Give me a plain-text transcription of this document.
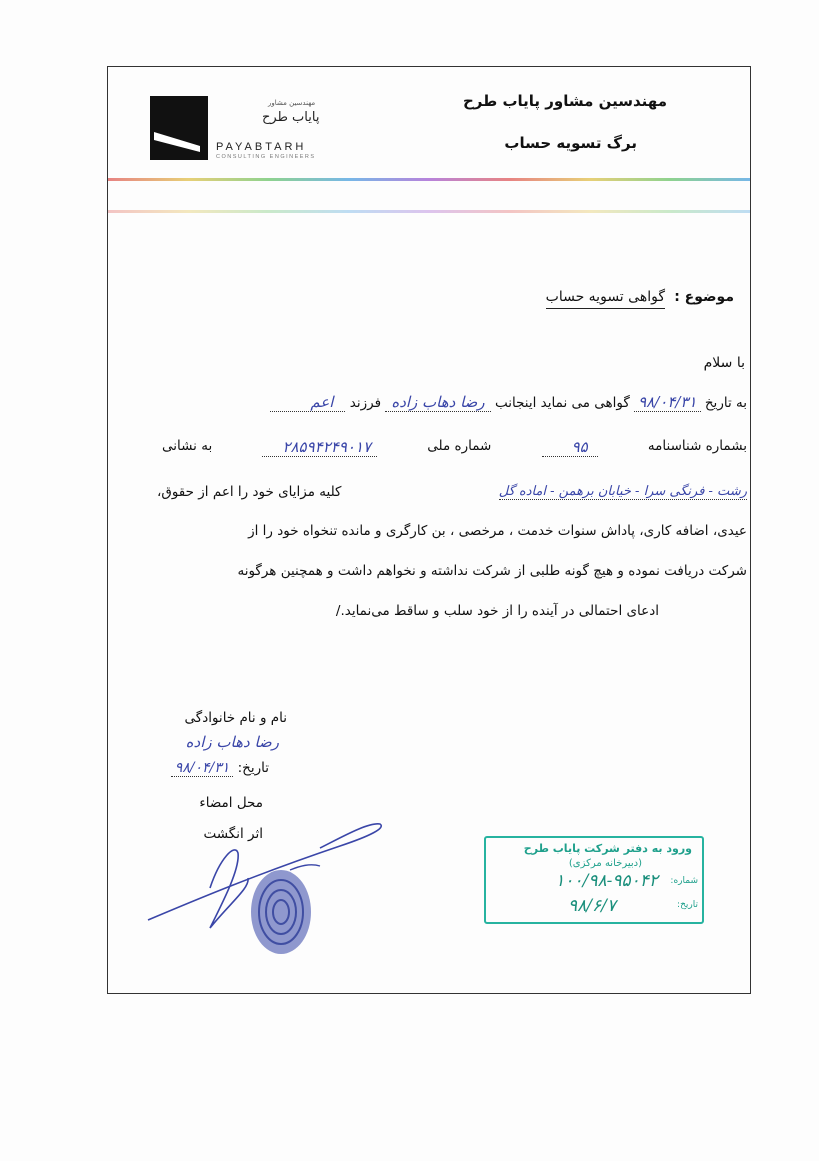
مهندسین مشاور پایاب طرح
برگ تسویه حساب
مهندسین مشاور
پایاب طرح
PAYABTARH
CONSULTING ENGINEERS
موضوع :
گواهی تسویه حساب
با سلام
به تاریخ ۹۸/۰۴/۳۱ گواهی می نماید اینجانب رضا دهاب زاده فرزند اعم
بشماره شناسنامه
۹۵
شماره ملی
۲۸۵۹۴۲۴۹۰۱۷
به نشانی
رشت - فرنگی سرا - خیابان برهمن - اماده گل
کلیه مزایای خود را اعم از حقوق،
عیدی، اضافه کاری، پاداش سنوات خدمت ، مرخصی ، بن کارگری و مانده تنخواه خود را از
شرکت دریافت نموده و هیچ گونه طلبی از شرکت نداشته و نخواهم داشت و همچنین هرگونه
ادعای احتمالی در آینده را از خود سلب و ساقط می‌نماید./
نام و نام خانوادگی
رضا دهاب زاده
تاریخ: ۹۸/۰۴/۳۱
محل امضاء
اثر انگشت
ورود به دفتر شرکت پایاب طرح
(دبیرخانه مرکزی)
شماره:
۱۰۰/۹۸-۹۵۰۴۲
تاریخ:
۹۸/۶/۷
